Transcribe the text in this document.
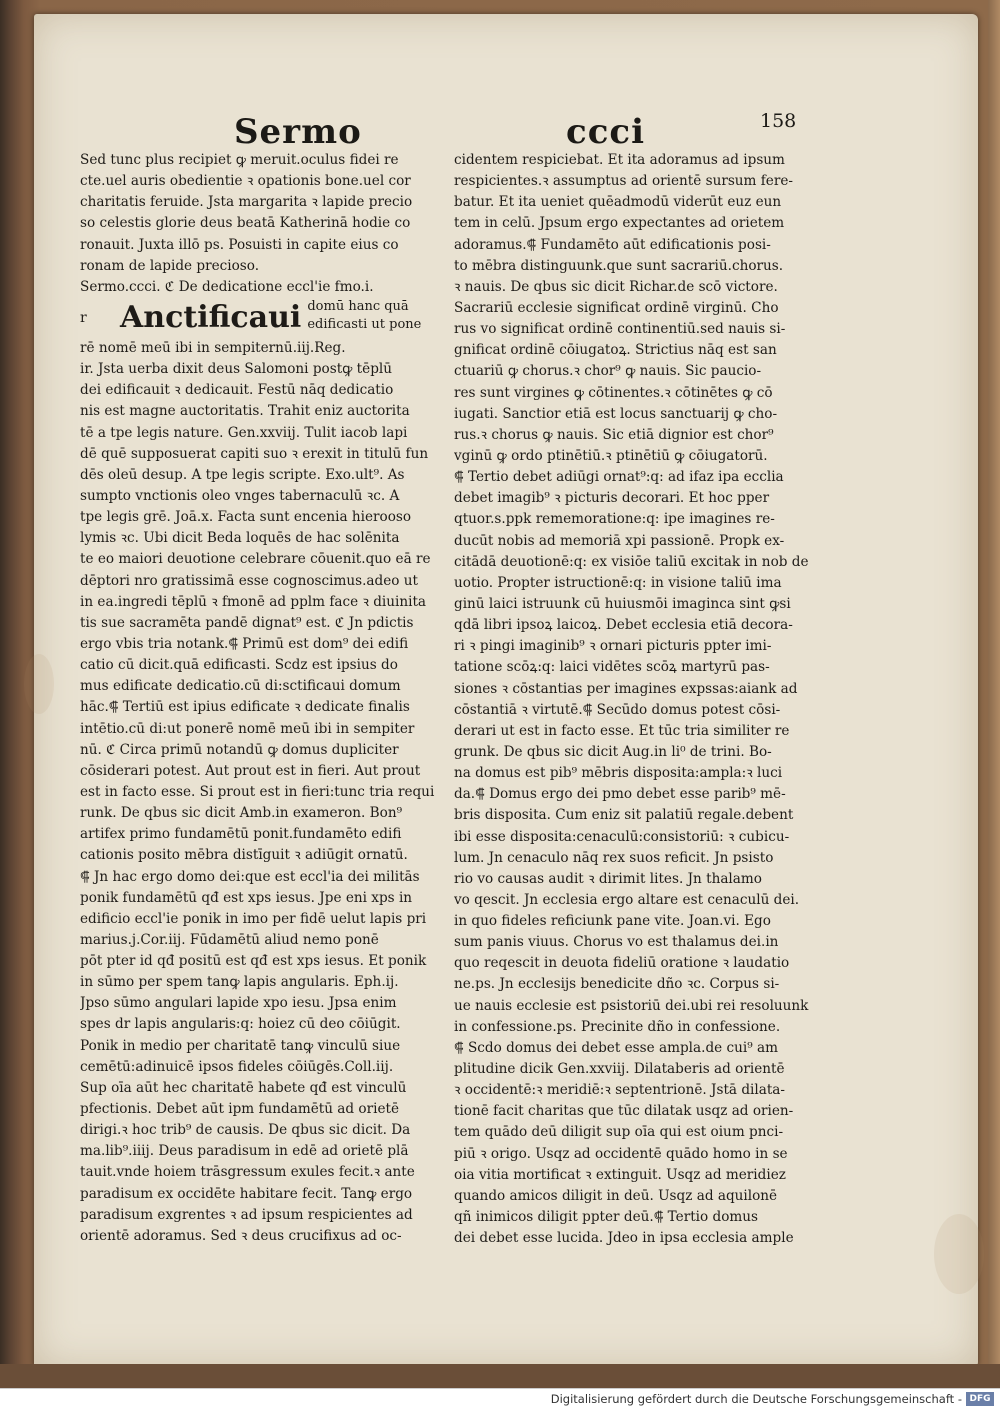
Sermo	ccci	158
Sed tunc plus recipiet ꝙ meruit.oculus fidei re
cte.uel auris obedientie ꝛ opationis bone.uel cor
charitatis feruide. Jsta margarita ꝛ lapide precio
so celestis glorie deus beatā Katherinā hodie co
ronauit. Juxta illō ps. Posuisti in capite eius co
ronam de lapide precioso.
Sermo.ccci. ℭ De dedicatione eccl'ie fmo.i.
r Anctificaui domū hanc quā
edificasti ut pone
rē nomē meū ibi in sempiternū.iij.Reg.
ir. Jsta uerba dixit deus Salomoni postꝙ tēplū
dei edificauit ꝛ dedicauit. Festū nāq dedicatio
nis est magne auctoritatis. Trahit eniz auctorita
tē a tpe legis nature. Gen.xxviij. Tulit iacob lapi
dē quē supposuerat capiti suo ꝛ erexit in titulū fun
dēs oleū desup. A tpe legis scripte. Exo.ult⁹. As
sumpto vnctionis oleo vnges tabernaculū ꝛc. A
tpe legis grē. Joā.x. Facta sunt encenia hierooso
lymis ꝛc. Ubi dicit Beda loquēs de hac solēnita
te eo maiori deuotione celebrare cōuenit.quo eā re
dēptori nro gratissimā esse cognoscimus.adeo ut
in ea.ingredi tēplū ꝛ fmonē ad pplm face ꝛ diuinita
tis sue sacramēta pandē dignat⁹ est. ℭ Jn pdictis
ergo vbis tria notank.⸿ Primū est dom⁹ dei edifi
catio cū dicit.quā edificasti. Scdz est ipsius do
mus edificate dedicatio.cū di:sctificaui domum
hāc.⸿ Tertiū est ipius edificate ꝛ dedicate finalis
intētio.cū di:ut ponerē nomē meū ibi in sempiter
nū. ℭ Circa primū notandū ꝙ domus dupliciter
cōsiderari potest. Aut prout est in fieri. Aut prout
est in facto esse. Si prout est in fieri:tunc tria requi
runk. De qbus sic dicit Amb.in exameron. Bon⁹
artifex primo fundamētū ponit.fundamēto edifi
cationis posito mēbra distīguit ꝛ adiūgit ornatū.
⸿ Jn hac ergo domo dei:que est eccl'ia dei militās
ponik fundamētū qđ est xps iesus. Jpe eni xps in
edificio eccl'ie ponik in imo per fidē uelut lapis pri
marius.j.Cor.iij. Fūdamētū aliud nemo ponē
pōt pter id qđ positū est qđ est xps iesus. Et ponik
in sūmo per spem tanꝙ lapis angularis. Eph.ij.
Jpso sūmo angulari lapide xpo iesu. Jpsa enim
spes dr lapis angularis:q: hoiez cū deo cōiūgit.
Ponik in medio per charitatē tanꝙ vinculū siue
cemētū:adinuicē ipsos fideles cōiūgēs.Coll.iij.
Sup oīa aūt hec charitatē habete qđ est vinculū
pfectionis. Debet aūt ipm fundamētū ad orietē
dirigi.ꝛ hoc trib⁹ de causis. De qbus sic dicit. Da
ma.lib⁹.iiij. Deus paradisum in edē ad orietē plā
tauit.vnde hoiem trāsgressum exules fecit.ꝛ ante
paradisum ex occidēte habitare fecit. Tanꝙ ergo
paradisum exgrentes ꝛ ad ipsum respicientes ad
orientē adoramus. Sed ꝛ deus crucifixus ad oc-
cidentem respiciebat. Et ita adoramus ad ipsum
respicientes.ꝛ assumptus ad orientē sursum fere-
batur. Et ita ueniet quēadmodū viderūt euz eun
tem in celū. Jpsum ergo expectantes ad orietem
adoramus.⸿ Fundamēto aūt edificationis posi-
to mēbra distinguunk.que sunt sacrariū.chorus.
ꝛ nauis. De qbus sic dicit Richar.de scō victore.
Sacrariū ecclesie significat ordinē virginū. Cho
rus vo significat ordinē continentiū.sed nauis si-
gnificat ordinē cōiugatoꝝ. Strictius nāq est san
ctuariū ꝙ chorus.ꝛ chor⁹ ꝙ nauis. Sic paucio-
res sunt virgines ꝙ cōtinentes.ꝛ cōtinētes ꝙ cō
iugati. Sanctior etiā est locus sanctuarij ꝙ cho-
rus.ꝛ chorus ꝙ nauis. Sic etiā dignior est chor⁹
vginū ꝙ ordo ptinētiū.ꝛ ptinētiū ꝙ cōiugatorū.
⸿ Tertio debet adiūgi ornat⁹:q: ad ifaz ipa ecclia
debet imagib⁹ ꝛ picturis decorari. Et hoc pper
qtuor.s.ppk rememoratione:q: ipe imagines re-
ducūt nobis ad memoriā xpi passionē. Propk ex-
citādā deuotionē:q: ex visiōe taliū excitak in nob de
uotio. Propter istructionē:q: in visione taliū ima
ginū laici istruunk cū huiusmōi imaginca sint ꝙsi
qdā libri ipsoꝝ laicoꝝ. Debet ecclesia etiā decora-
ri ꝛ pingi imaginib⁹ ꝛ ornari picturis ppter imi-
tatione scōꝝ:q: laici vidētes scōꝝ martyrū pas-
siones ꝛ cōstantias per imagines expssas:aiank ad
cōstantiā ꝛ virtutē.⸿ Secūdo domus potest cōsi-
derari ut est in facto esse. Et tūc tria similiter re
grunk. De qbus sic dicit Aug.in li⁰ de trini. Bo-
na domus est pib⁹ mēbris disposita:ampla:ꝛ luci
da.⸿ Domus ergo dei pmo debet esse parib⁹ mē-
bris disposita. Cum eniz sit palatiū regale.debent
ibi esse disposita:cenaculū:consistoriū: ꝛ cubicu-
lum. Jn cenaculo nāq rex suos reficit. Jn psisto
rio vo causas audit ꝛ dirimit lites. Jn thalamo
vo qescit. Jn ecclesia ergo altare est cenaculū dei.
in quo fideles reficiunk pane vite. Joan.vi. Ego
sum panis viuus. Chorus vo est thalamus dei.in
quo reqescit in deuota fideliū oratione ꝛ laudatio
ne.ps. Jn ecclesijs benedicite dño ꝛc. Corpus si-
ue nauis ecclesie est psistoriū dei.ubi rei resoluunk
in confessione.ps. Precinite dño in confessione.
⸿ Scdo domus dei debet esse ampla.de cui⁹ am
plitudine dicik Gen.xxviij. Dilataberis ad orientē
ꝛ occidentē:ꝛ meridiē:ꝛ septentrionē. Jstā dilata-
tionē facit charitas que tūc dilatak usqz ad orien-
tem quādo deū diligit sup oīa qui est oium pnci-
piū ꝛ origo. Usqz ad occidentē quādo homo in se
oia vitia mortificat ꝛ extinguit. Usqz ad meridiez
quando amicos diligit in deū. Usqz ad aquilonē
qñ inimicos diligit ppter deū.⸿ Tertio domus
dei debet esse lucida. Jdeo in ipsa ecclesia ample
Digitalisierung gefördert durch die Deutsche Forschungsgemeinschaft - DFG
